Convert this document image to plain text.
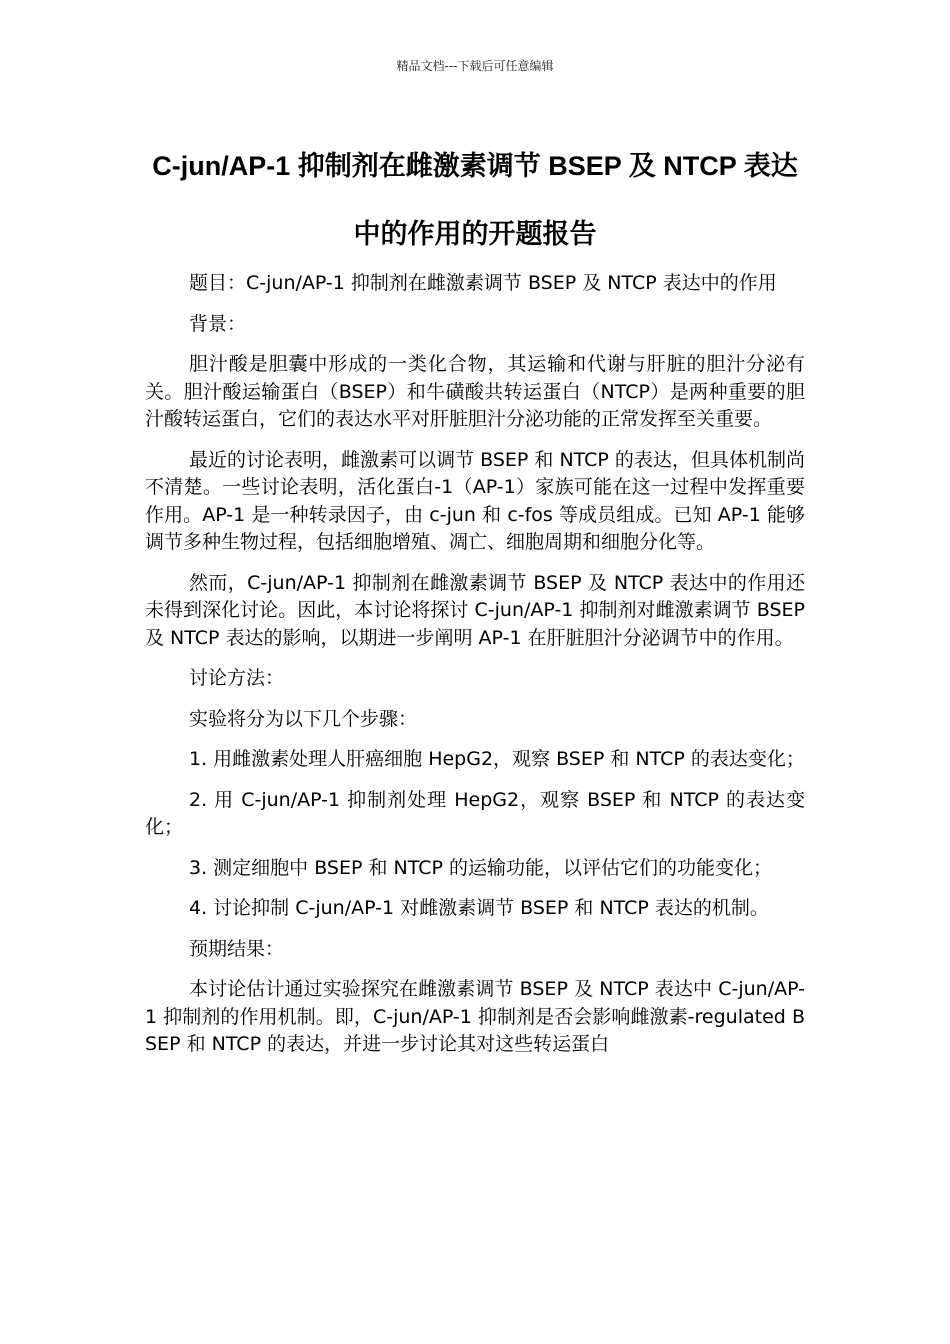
精品文档---下载后可任意编辑
C-jun/AP-1 抑制剂在雌激素调节 BSEP 及 NTCP 表达中的作用的开题报告

题目：C-jun/AP-1 抑制剂在雌激素调节 BSEP 及 NTCP 表达中的作用

背景：

胆汁酸是胆囊中形成的一类化合物，其运输和代谢与肝脏的胆汁分泌有关。胆汁酸运输蛋白（BSEP）和牛磺酸共转运蛋白（NTCP）是两种重要的胆汁酸转运蛋白，它们的表达水平对肝脏胆汁分泌功能的正常发挥至关重要。

最近的讨论表明，雌激素可以调节 BSEP 和 NTCP 的表达，但具体机制尚不清楚。一些讨论表明，活化蛋白-1（AP-1）家族可能在这一过程中发挥重要作用。AP-1 是一种转录因子，由 c-jun 和 c-fos 等成员组成。已知 AP-1 能够调节多种生物过程，包括细胞增殖、凋亡、细胞周期和细胞分化等。

然而，C-jun/AP-1 抑制剂在雌激素调节 BSEP 及 NTCP 表达中的作用还未得到深化讨论。因此，本讨论将探讨 C-jun/AP-1 抑制剂对雌激素调节 BSEP 及 NTCP 表达的影响，以期进一步阐明 AP-1 在肝脏胆汁分泌调节中的作用。

讨论方法：

实验将分为以下几个步骤：

1. 用雌激素处理人肝癌细胞 HepG2，观察 BSEP 和 NTCP 的表达变化；

2. 用 C-jun/AP-1 抑制剂处理 HepG2，观察 BSEP 和 NTCP 的表达变化；

3. 测定细胞中 BSEP 和 NTCP 的运输功能，以评估它们的功能变化；

4. 讨论抑制 C-jun/AP-1 对雌激素调节 BSEP 和 NTCP 表达的机制。

预期结果：

本讨论估计通过实验探究在雌激素调节 BSEP 及 NTCP 表达中 C-jun/AP-1 抑制剂的作用机制。即，C-jun/AP-1 抑制剂是否会影响雌激素-regulated BSEP 和 NTCP 的表达，并进一步讨论其对这些转运蛋白
